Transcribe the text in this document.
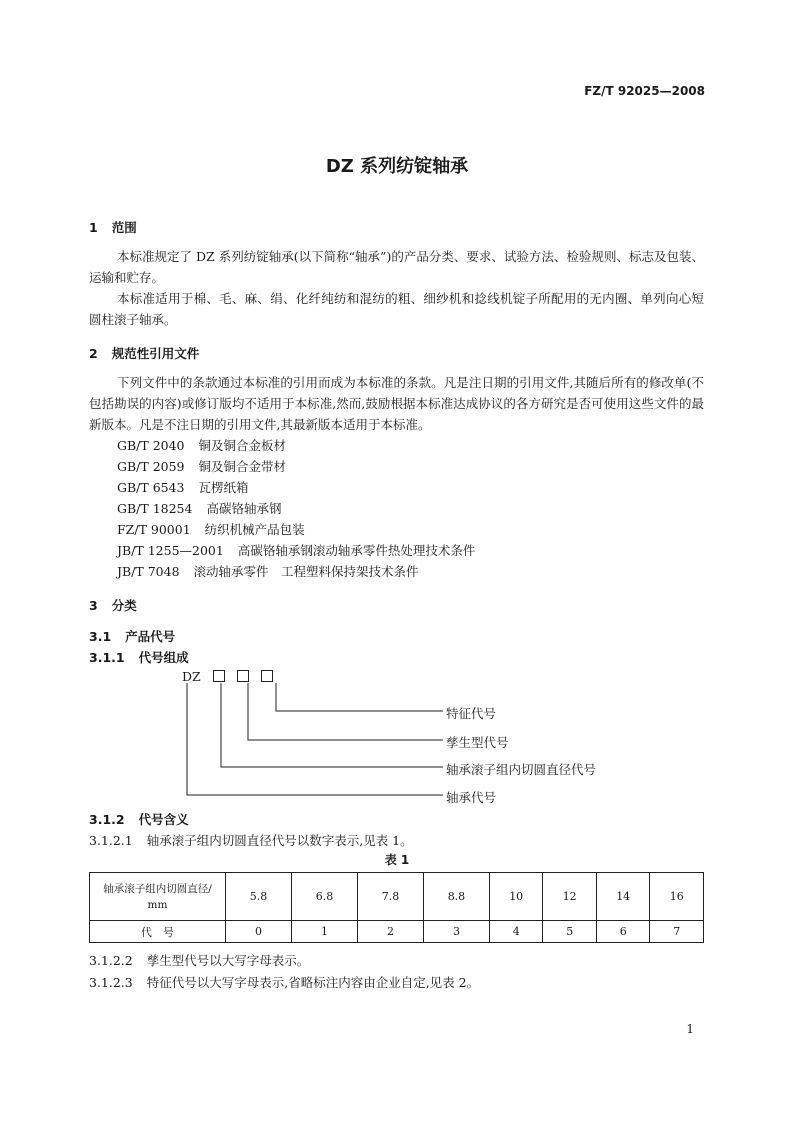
FZ/T 92025—2008
DZ 系列纺锭轴承
1 范围
本标准规定了 DZ 系列纺锭轴承(以下简称“轴承”)的产品分类、要求、试验方法、检验规则、标志及包装、运输和贮存。
本标准适用于棉、毛、麻、绢、化纤纯纺和混纺的粗、细纱机和捻线机锭子所配用的无内圈、单列向心短圆柱滚子轴承。
2 规范性引用文件
下列文件中的条款通过本标准的引用而成为本标准的条款。凡是注日期的引用文件,其随后所有的修改单(不包括勘误的内容)或修订版均不适用于本标准,然而,鼓励根据本标准达成协议的各方研究是否可使用这些文件的最新版本。凡是不注日期的引用文件,其最新版本适用于本标准。
GB/T 2040 铜及铜合金板材
GB/T 2059 铜及铜合金带材
GB/T 6543 瓦楞纸箱
GB/T 18254 高碳铬轴承钢
FZ/T 90001 纺织机械产品包装
JB/T 1255—2001 高碳铬轴承钢滚动轴承零件热处理技术条件
JB/T 7048 滚动轴承零件　工程塑料保持架技术条件
3 分类
3.1 产品代号
3.1.1 代号组成
DZ
特征代号
孳生型代号
轴承滚子组内切圆直径代号
轴承代号
3.1.2 代号含义
3.1.2.1 轴承滚子组内切圆直径代号以数字表示,见表 1。
表 1
轴承滚子组内切圆直径/
mm	5.8	6.8	7.8	8.8	10	12	14	16
代　号	0	1	2	3	4	5	6	7
3.1.2.2 孳生型代号以大写字母表示。
3.1.2.3 特征代号以大写字母表示,省略标注内容由企业自定,见表 2。
1
